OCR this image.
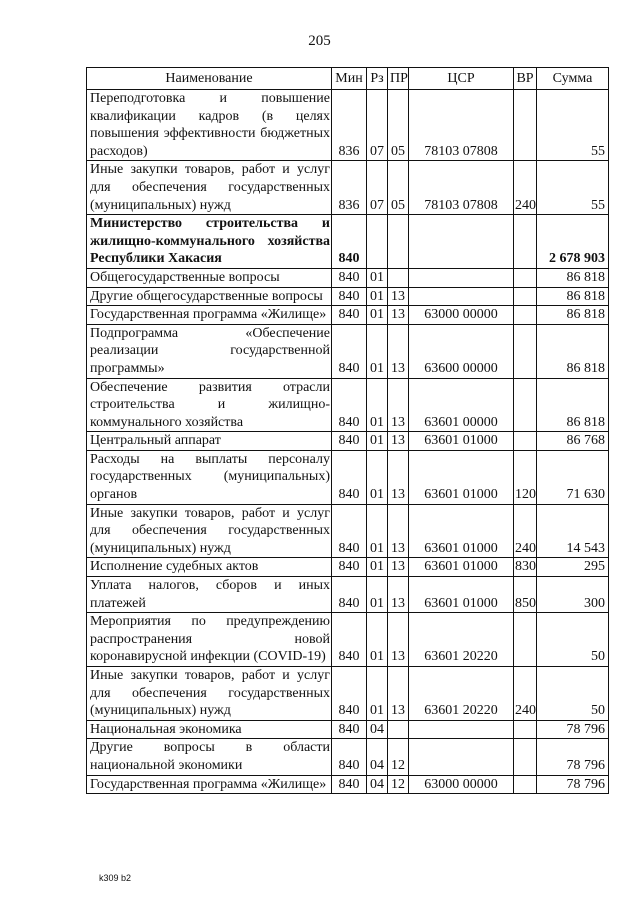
205
Наименование	Мин	Рз	ПР	ЦСР	ВР	Сумма
Переподготовка и повышение квалификации кадров (в целях повышения эффективности бюджетных расходов)	836	07	05	78103 07808		55
Иные закупки товаров, работ и услуг для обеспечения государственных (муниципальных) нужд	836	07	05	78103 07808	240	55
Министерство строительства и жилищно-коммунального хозяйства Республики Хакасия	840					2 678 903
Общегосударственные вопросы	840	01				86 818
Другие общегосударственные вопросы	840	01	13			86 818
Государственная программа «Жилище»	840	01	13	63000 00000		86 818
Подпрограмма «Обеспечение реализации государственной программы»	840	01	13	63600 00000		86 818
Обеспечение развития отрасли строительства и жилищно-коммунального хозяйства	840	01	13	63601 00000		86 818
Центральный аппарат	840	01	13	63601 01000		86 768
Расходы на выплаты персоналу государственных (муниципальных) органов	840	01	13	63601 01000	120	71 630
Иные закупки товаров, работ и услуг для обеспечения государственных (муниципальных) нужд	840	01	13	63601 01000	240	14 543
Исполнение судебных актов	840	01	13	63601 01000	830	295
Уплата налогов, сборов и иных платежей	840	01	13	63601 01000	850	300
Мероприятия по предупреждению распространения новой коронавирусной инфекции (COVID-19)	840	01	13	63601 20220		50
Иные закупки товаров, работ и услуг для обеспечения государственных (муниципальных) нужд	840	01	13	63601 20220	240	50
Национальная экономика	840	04				78 796
Другие вопросы в области национальной экономики	840	04	12			78 796
Государственная программа «Жилище»	840	04	12	63000 00000		78 796
k309 b2
